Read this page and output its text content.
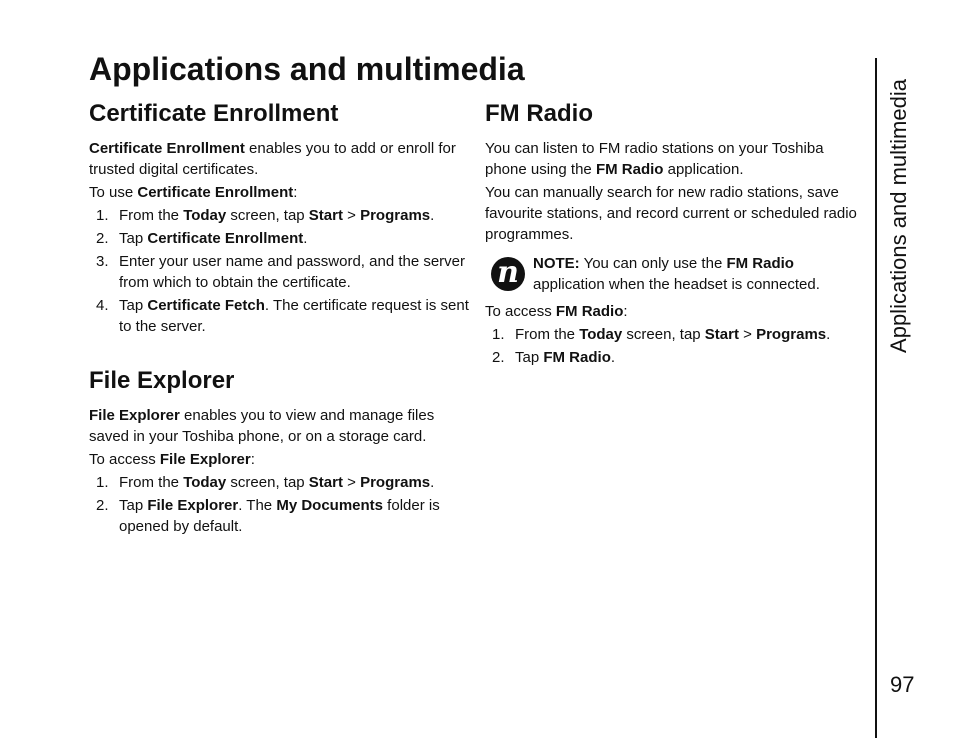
Applications and multimedia
Certificate Enrollment

Certificate Enrollment enables you to add or enroll for trusted digital certificates.

To use Certificate Enrollment:

1. From the Today screen, tap Start > Programs.
2. Tap Certificate Enrollment.
3. Enter your user name and password, and the server from which to obtain the certificate.
4. Tap Certificate Fetch. The certificate request is sent to the server.
File Explorer

File Explorer enables you to view and manage files saved in your Toshiba phone, or on a storage card.

To access File Explorer:

1. From the Today screen, tap Start > Programs.
2. Tap File Explorer. The My Documents folder is opened by default.
FM Radio

You can listen to FM radio stations on your Toshiba phone using the FM Radio application.

You can manually search for new radio stations, save favourite stations, and record current or scheduled radio programmes.

n NOTE: You can only use the FM Radio application when the headset is connected.

To access FM Radio:

1. From the Today screen, tap Start > Programs.
2. Tap FM Radio.
Applications and multimedia
97
